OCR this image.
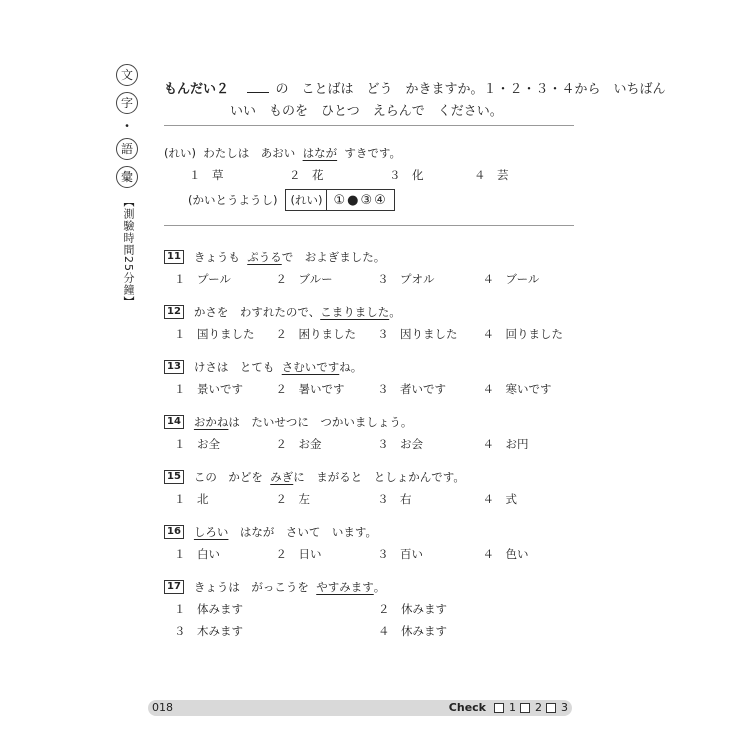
文
字
・
語
彙
【測驗時間25分鐘】
もんだい２	の　ことばは　どう　かきますか。１・２・３・４から　いちばん
いい　ものを　ひとつ　えらんで　ください。
(れい) わたしは　あおい はなが すきです。
１　草	２　花	３　化	４　芸
(かいとうようし)	(れい) ①●③④
11 きょうも
ぷうる で　およぎました。
１　プール	２　ブルー	３　プオル	４　ブール
12 かさを　わすれたので、 こまりました 。
１　国りました	２　困りました	３　因りました	４　回りました
13 けさは　とても
さむいです ね。
１　景いです	２　暑いです	３　者いです	４　寒いです
14 おかね は　たいせつに　つかいましょう。
１　お全	２　お金	３　お会	４　お円
15 この　かどを
みぎ に　まがると　としょかんです。
１　北	２　左	３　右	４　式
16 しろい 　はなが　さいて　います。
１　白い	２　日い	３　百い	４　色い
17 きょうは　がっこうを
やすみます 。
１　体みます	２　休みます
３　木みます	４　休みます
018	Check 1 2 3
